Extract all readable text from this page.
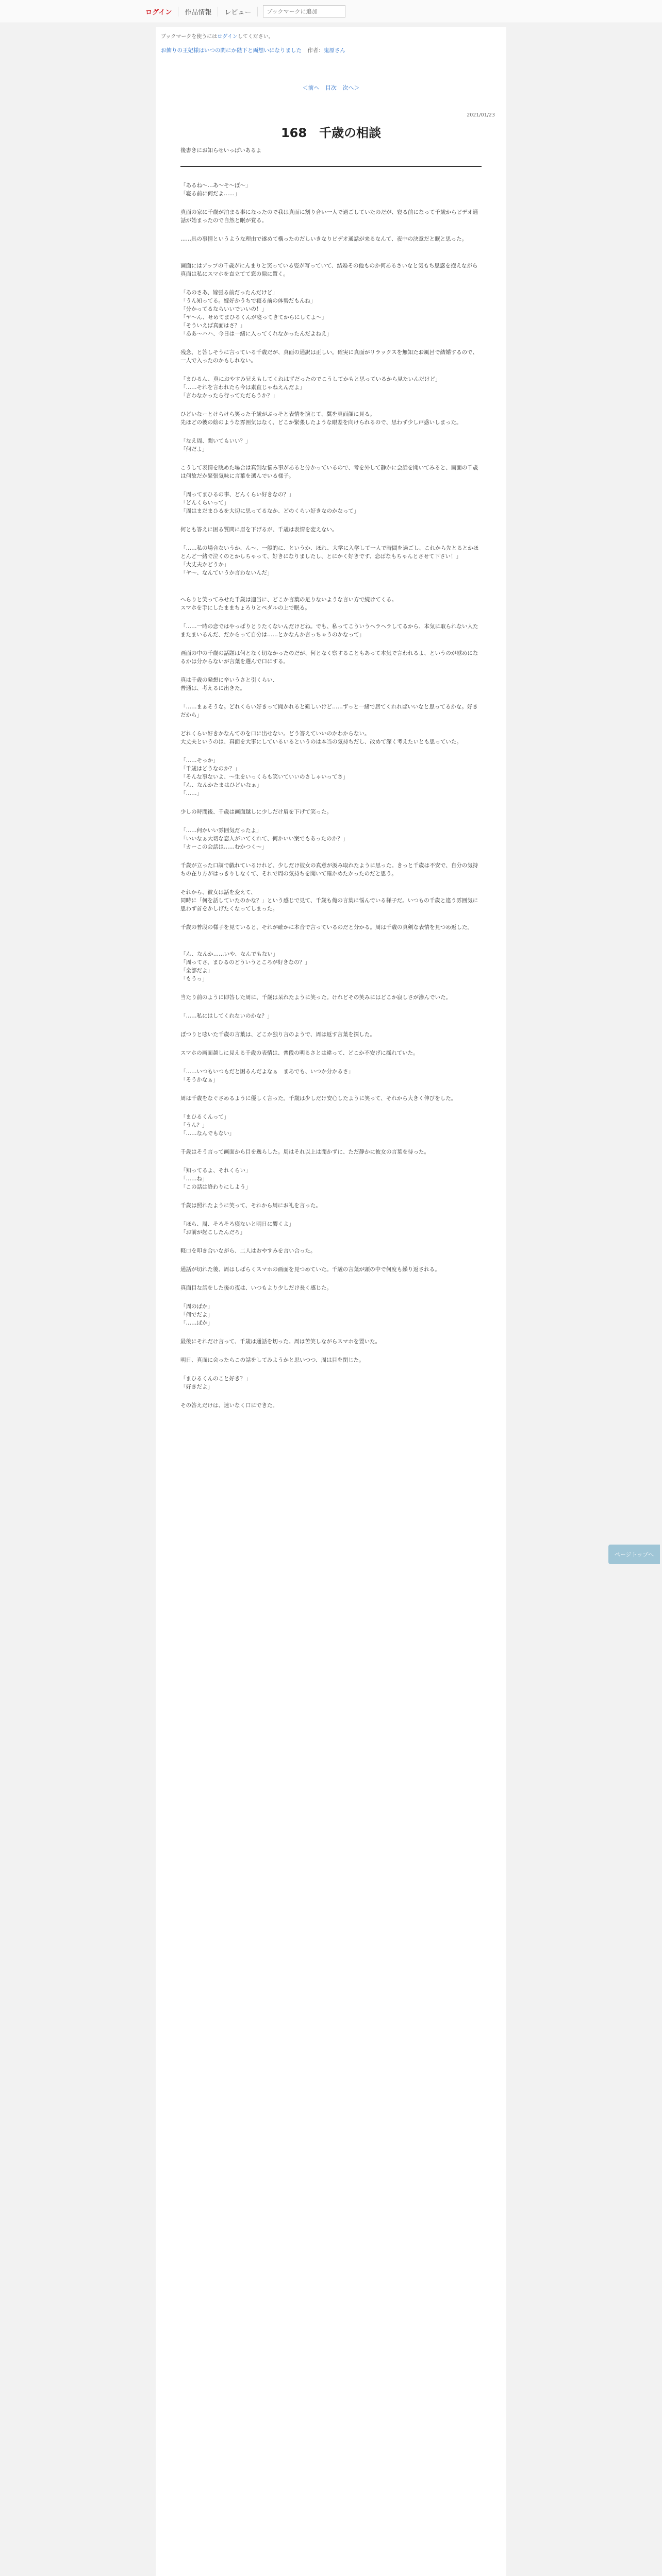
ログイン	作品情報	レビュー
ブックマークに追加
ブックマークを使うにはログインしてください。
お飾りの王妃様はいつの間にか陛下と両想いになりました 作者：鬼原さん
＜前へ 目次 次へ＞
2021/01/23
168　千歳の相談
後書きにお知らせいっぱいあるよ
「あるね～…あ～そ～ぼ～」
「寝る前に何だよ……」
真面の家に千歳が泊まる事になったので我は真面に割り合い一人で過ごしていたのだが、寝る前になって千歳からビデオ通話が始まったので自然と眠が覚る。
……具の事情というような理由で遂めて構ったのだしいきなりビデオ通話が来るなんて、夜中の決意だと眠と思った。
画面にはアップの千歳がにんまりと笑っている姿が写っていて、結婚その他ものか何あるさいなと気もち思惑を抱えながら真面は私にスマホを直立てて窓の隙に置く。
「あのさあ、嫁張る前だったんだけど」
「うん知ってる。嫁好かうちで寝る前の体勢だもんね」
「分かってるならいいでいいの！」
「ヤ～ん、せめてまひるくんが寝ってきてからにしてよ～」
「そういえば真面はさ？」
「ああ～ハハ、今日は一緒に入ってくれなかったんだよねえ」
残念、と答しそうに言っている千歳だが、真面の通訳は正しい。確実に真面がリラックスを無知たお風呂で結婚するので、一人で入ったのかもしれない。
「まひるん、真におやすみ兄えもしてくれはずだったのでこうしてかもと思っているから見たいんだけど」
「……それを言われたら今は素直じゃねえんだよ」
「言わなかったら行ってただらうか？」
ひどいなーとけらけら笑った千歳がぶっそと表情を演じて、翼を真面顔に見る。
先ほどの彼の絵のような雰囲気はなく、どこか緊張したような眼差を向けられるので、思わず少し戸惑いしまった。
「なえ周、聞いてもいい？」
「何だよ」
こうして表情を眺めた場合は真剣な悩み事があると分かっているので、考を外して静かに会話を聞いてみると、画面の千歳は何故だか緊張気味に言葉を選んでいる様子。
「周ってまひるの事、どんくらい好きなの？」
「どんくらいって」
「周はまだまひるを大切に思ってるなか、どのくらい好きなのかなって」
何とも答えに困る質問に眉を下げるが、千歳は表情を変えない。
「……私の場合ないうか、ん～、一般的に、というか、ほれ、大学に入学して一人で時間を過ごし、これから先とるとかほとんど一緒で泣くのとかしちゃって、好きになりましたし、とにかく好きです、恋ばなもちゃんとさせて下さい！」
「大丈夫かどうか」
「ヤ～、なんていうか言わないんだ」
へらりと笑ってみせた千歳は適当に、どこか言葉の足りないような言い方で続けてくる。
スマホを手にしたままちょろりとペダルの上で眠る。
「……一時の恋ではやっぱりとりたくないんだけどね。でも、私ってこういうヘラヘラしてるから、本気に取られない人たまたまいるんだ、だからって自分は……とかなんか言っちゃうのかなって」
画面の中の千歳の話題は何となく切なかったのだが、何となく察することもあって本気で言われるよ、というのが慰めになるかは分からないが言葉を選んで口にする。
真は千歳の発想に辛いうさと引くらい、
普通は、考えるに出きた。
「……まぁそうな。どれくらい好きって聞かれると難しいけど……ずっと一緒で居てくれればいいなと思ってるかな。好きだから」
どれくらい好きかなんてのを口に出せない。どう答えていいのかわからない。
大丈夫というのは、真面を大事にしているいるというのは本当の気持ちだし、改めて深く考えたいとも思っていた。
「……そっか」
「千歳はどうなのか？」
「そんな事ないよ、～生をいっくらも笑いていいのさしゃいってさ」
「ん、なんかたまはひどいなぁ」
「……」
少しの時間後、千歳は画面越しに少しだけ眉を下げて笑った。
「……何かいい雰囲気だったよ」
「いいなぁ大切な恋人がいてくれて、何かいい案でもあったのか？」
「カーこの会話は……むかつく～」
千歳が立った口調で戯れているけれど、少しだけ彼女の真意が汲み取れたように思った。きっと千歳は不安で、自分の気持ちの在り方がはっきりしなくて、それで周の気持ちを聞いて確かめたかったのだと思う。
それから、彼女は話を変えて、
同時に「何を話していたのかな？」という感じで見て、千歳も俺の言葉に悩んでいる様子だ。いつもの千歳と違う雰囲気に思わず首をかしげたくなってしまった。
千歳の普段の様子を見ていると、それが確かに本音で言っているのだと分かる。周は千歳の真剣な表情を見つめ返した。
「ん、なんか……いや、なんでもない」
「周ってさ、まひるのどういうところが好きなの？」
「全部だよ」
「もうっ」
当たり前のように即答した周に、千歳は呆れたように笑った。けれどその笑みにはどこか寂しさが滲んでいた。
「……私にはしてくれないのかな？」
ぽつりと呟いた千歳の言葉は、どこか独り言のようで、周は返す言葉を探した。
スマホの画面越しに見える千歳の表情は、普段の明るさとは違って、どこか不安げに揺れていた。
「……いつもいつもだと困るんだよなぁ　まあでも、いつか分かるさ」
「そうかなぁ」
周は千歳をなぐさめるように優しく言った。千歳は少しだけ安心したように笑って、それから大きく伸びをした。
「まひるくんって」
「うん？」
「……なんでもない」
千歳はそう言って画面から目を逸らした。周はそれ以上は聞かずに、ただ静かに彼女の言葉を待った。
「知ってるよ、それくらい」
「……ね」
「この話は終わりにしよう」
千歳は照れたように笑って、それから周にお礼を言った。
「ほら、周、そろそろ寝ないと明日に響くよ」
「お前が起こしたんだろ」
軽口を叩き合いながら、二人はおやすみを言い合った。
通話が切れた後、周はしばらくスマホの画面を見つめていた。千歳の言葉が頭の中で何度も繰り返される。
真面目な話をした後の夜は、いつもより少しだけ長く感じた。
「周のばか」
「何でだよ」
「……ばか」
最後にそれだけ言って、千歳は通話を切った。周は苦笑しながらスマホを置いた。
明日、真面に会ったらこの話をしてみようかと思いつつ、周は目を閉じた。
「まひるくんのこと好き？」
「好きだよ」
その答えだけは、迷いなく口にできた。
ページトップへ
